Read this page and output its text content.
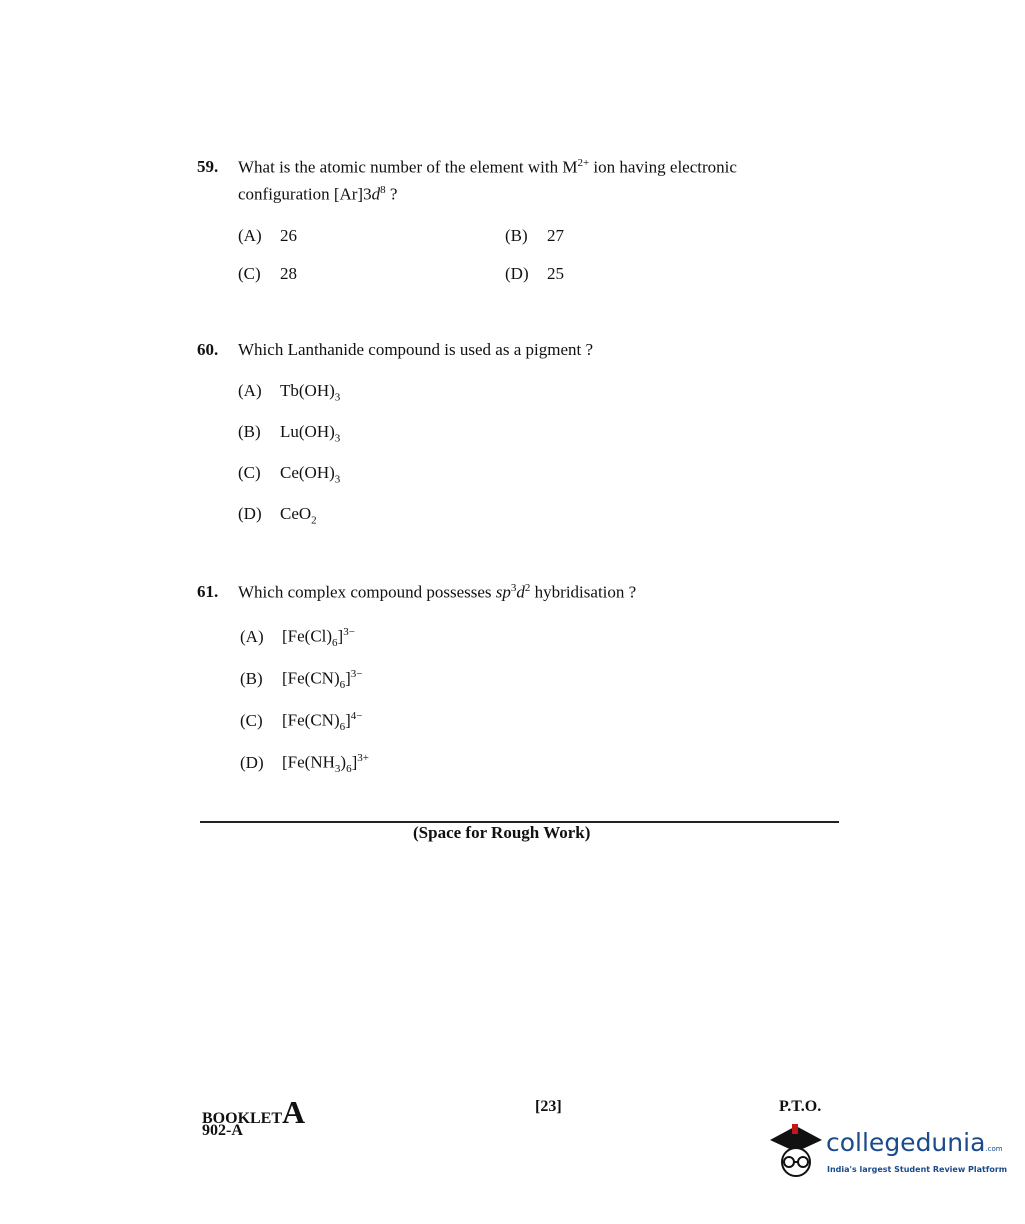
59. What is the atomic number of the element with $M^{2+}$ ion having electronic
configuration $[Ar]3d^8$ ?
(A) 26	(B) 27
(C) 28	(D) 25
60. Which Lanthanide compound is used as a pigment ?
(A) $Tb(OH)_3$
(B) $Lu(OH)_3$
(C) $Ce(OH)_3$
(D) CeO$_2$
61. Which complex compound possesses $sp^3d^2$ hybridisation ?
(A) $[Fe(Cl)_6]^{3-}$
(B) $[Fe(CN)_6]^{3-}$
(C) $[Fe(CN)_6]^{4-}$
(D) $[Fe(NH_3)_6]^{3+}$
(Space for Rough Work)
BOOKLETA
902-A
[23]	P.T.O.
collegedunia.com
India's largest Student Review Platform
